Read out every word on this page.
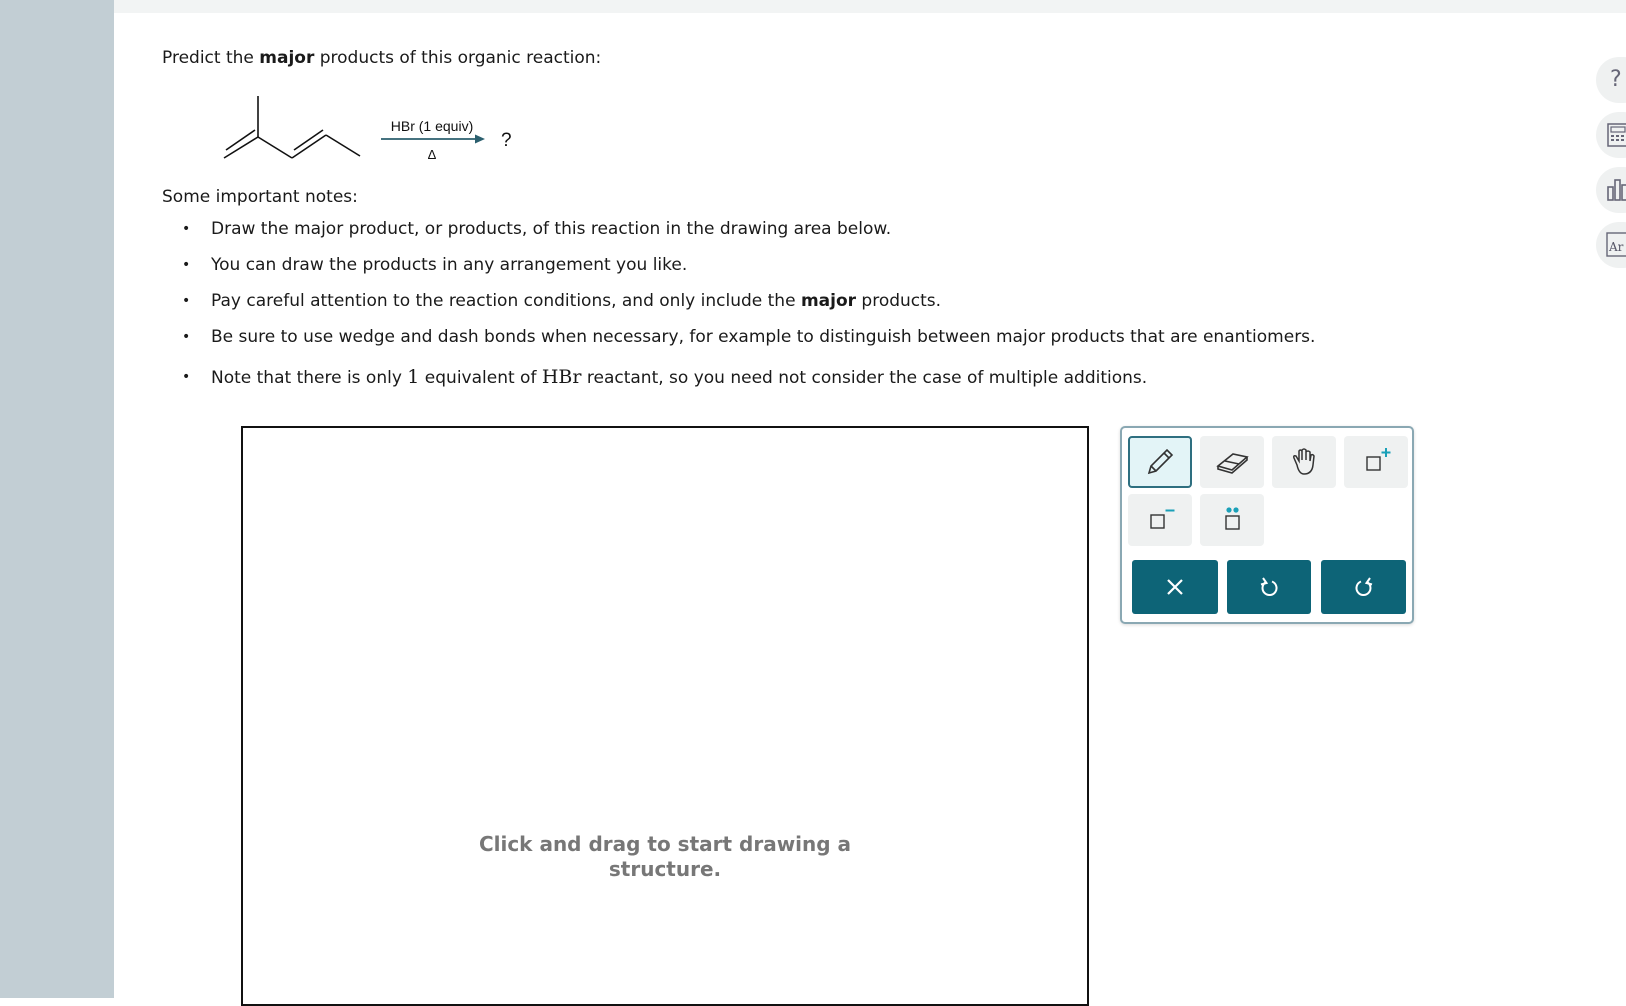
Predict the major products of this organic reaction:
HBr (1 equiv)
Δ
?
Some important notes:
• Draw the major product, or products, of this reaction in the drawing area below.
• You can draw the products in any arrangement you like.
• Pay careful attention to the reaction conditions, and only include the major products.
• Be sure to use wedge and dash bonds when necessary, for example to distinguish between major products that are enantiomers.
• Note that there is only 1 equivalent of HBr reactant, so you need not consider the case of multiple additions.
Click and drag to start drawing a
structure.
?
Ar
